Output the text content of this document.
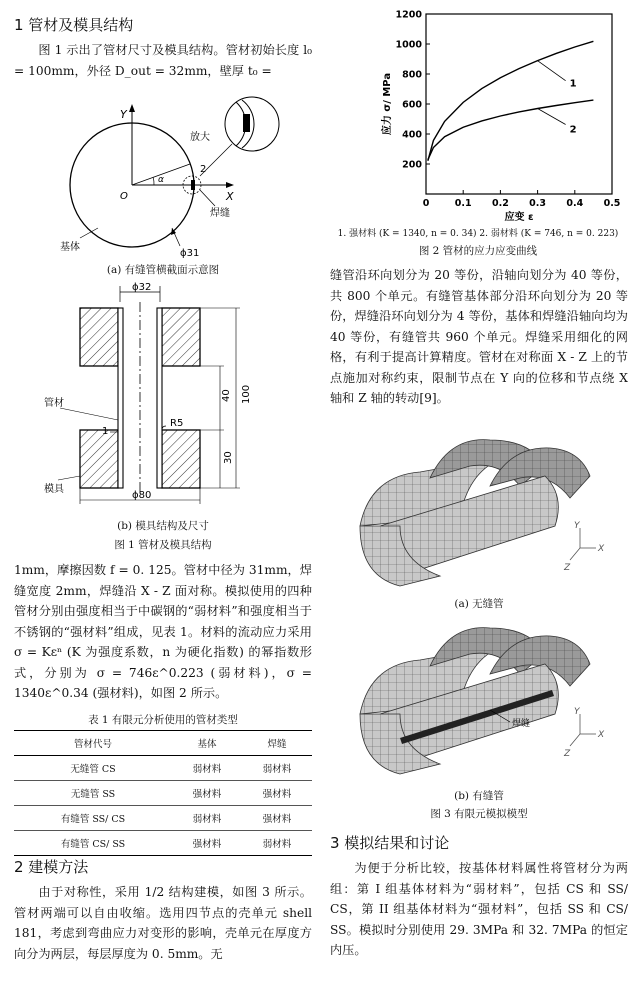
1 管材及模具结构
图 1 示出了管材尺寸及模具结构。管材初始长度 l₀ = 100mm，外径 D_out = 32mm，壁厚 t₀ =
Y
X
O
α
放大
2
焊缝
基体
ϕ31
(a) 有缝管横截面示意图
ϕ32
40 100
30
ϕ80
管材
1
R5
模具
(b) 模具结构及尺寸
图 1 管材及模具结构
1mm，摩擦因数 f = 0. 125。管材中径为 31mm，焊缝宽度 2mm，焊缝沿 X - Z 面对称。模拟使用的四种管材分别由强度相当于中碳钢的“弱材料”和强度相当于不锈钢的“强材料”组成，见表 1。材料的流动应力采用 σ = Kεⁿ (K 为强度系数，n 为硬化指数) 的幂指数形式，分别为 σ = 746ε^0.223 (弱材料)，σ = 1340ε^0.34 (强材料)，如图 2 所示。
表 1 有限元分析使用的管材类型
管材代号	基体	焊缝
无缝管 CS	弱材料	弱材料
无缝管 SS	强材料	强材料
有缝管 SS/ CS	弱材料	强材料
有缝管 CS/ SS	强材料	弱材料
2 建模方法
由于对称性，采用 1/2 结构建模，如图 3 所示。管材两端可以自由收缩。选用四节点的壳单元 shell 181，考虑到弯曲应力对变形的影响，壳单元在厚度方向分为两层，每层厚度为 0. 5mm。无
0	0.1 0.2 0.3 0.4 0.5
200
400
600
800
1000
1200
1
2
应力 σ/ MPa
应变 ε
1. 强材料 (K = 1340, n = 0. 34) 2. 弱材料 (K = 746, n = 0. 223)
图 2 管材的应力应变曲线
缝管沿环向划分为 20 等份，沿轴向划分为 40 等份，共 800 个单元。有缝管基体部分沿环向划分为 20 等份，焊缝沿环向划分为 4 等份，基体和焊缝沿轴向均为 40 等份，有缝管共 960 个单元。焊缝采用细化的网格，有利于提高计算精度。管材在对称面 X - Z 上的节点施加对称约束，限制节点在 Y 向的位移和节点绕 X 轴和 Z 轴的转动[9]。
Y
X
Z
(a) 无缝管
焊缝
Y
X
Z
(b) 有缝管
图 3 有限元模拟模型
3 模拟结果和讨论
为便于分析比较，按基体材料属性将管材分为两组：第 I 组基体材料为“弱材料”，包括 CS 和 SS/ CS，第 II 组基体材料为“强材料”，包括 SS 和 CS/ SS。模拟时分别使用 29. 3MPa 和 32. 7MPa 的恒定内压。
